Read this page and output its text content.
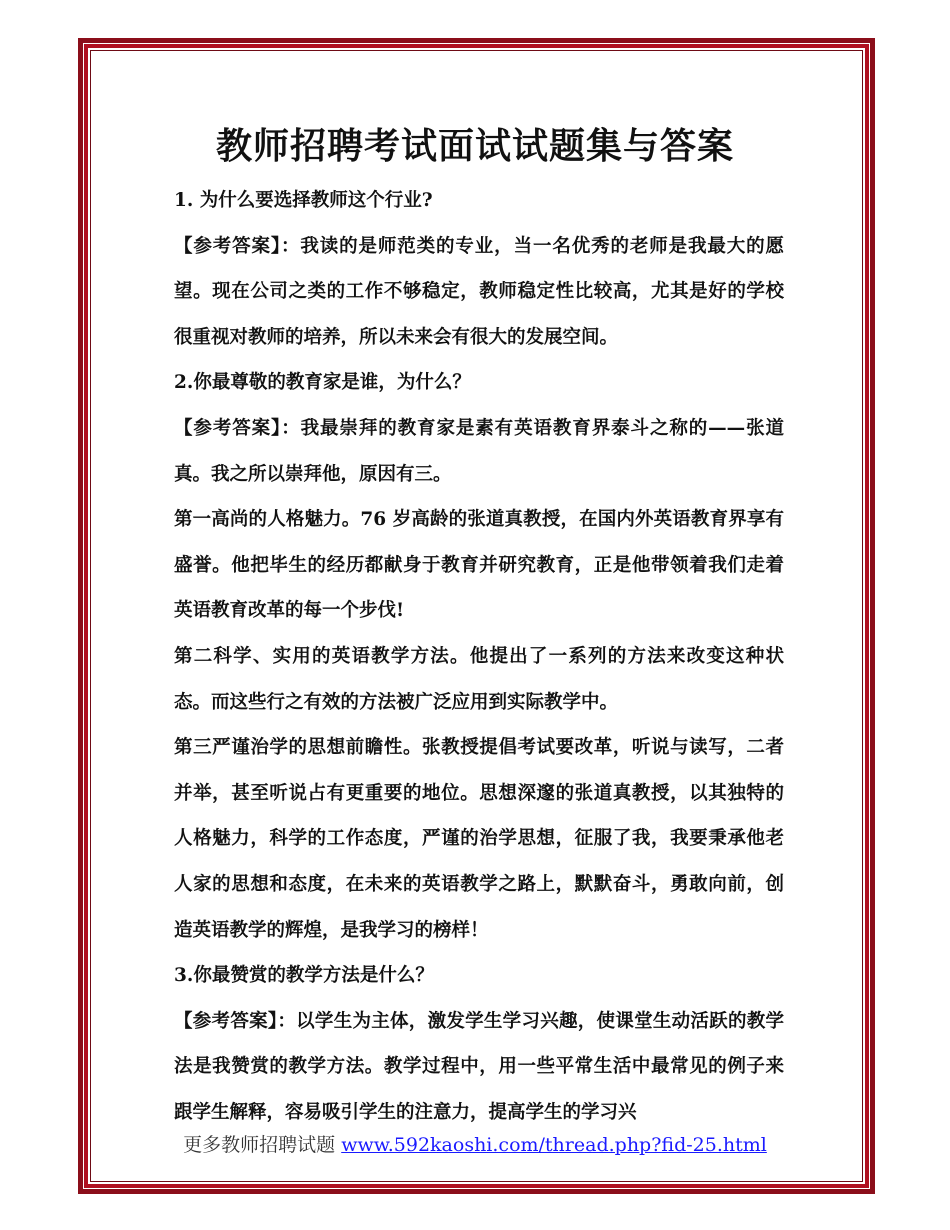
教师招聘考试面试试题集与答案

1. 为什么要选择教师这个行业?

【参考答案】：我读的是师范类的专业，当一名优秀的老师是我最大的愿望。现在公司之类的工作不够稳定，教师稳定性比较高，尤其是好的学校很重视对教师的培养，所以未来会有很大的发展空间。

2.你最尊敬的教育家是谁，为什么？

【参考答案】：我最崇拜的教育家是素有英语教育界泰斗之称的——张道真。我之所以崇拜他，原因有三。

第一高尚的人格魅力。76 岁高龄的张道真教授，在国内外英语教育界享有盛誉。他把毕生的经历都献身于教育并研究教育，正是他带领着我们走着英语教育改革的每一个步伐!

第二科学、实用的英语教学方法。他提出了一系列的方法来改变这种状态。而这些行之有效的方法被广泛应用到实际教学中。

第三严谨治学的思想前瞻性。张教授提倡考试要改革，听说与读写，二者并举，甚至听说占有更重要的地位。思想深邃的张道真教授，以其独特的人格魅力，科学的工作态度，严谨的治学思想，征服了我，我要秉承他老人家的思想和态度，在未来的英语教学之路上，默默奋斗，勇敢向前，创造英语教学的辉煌，是我学习的榜样！

3.你最赞赏的教学方法是什么？

【参考答案】：以学生为主体，激发学生学习兴趣，使课堂生动活跃的教学法是我赞赏的教学方法。教学过程中，用一些平常生活中最常见的例子来跟学生解释，容易吸引学生的注意力，提高学生的学习兴

更多教师招聘试题 www.592kaoshi.com/thread.php?fid-25.html
